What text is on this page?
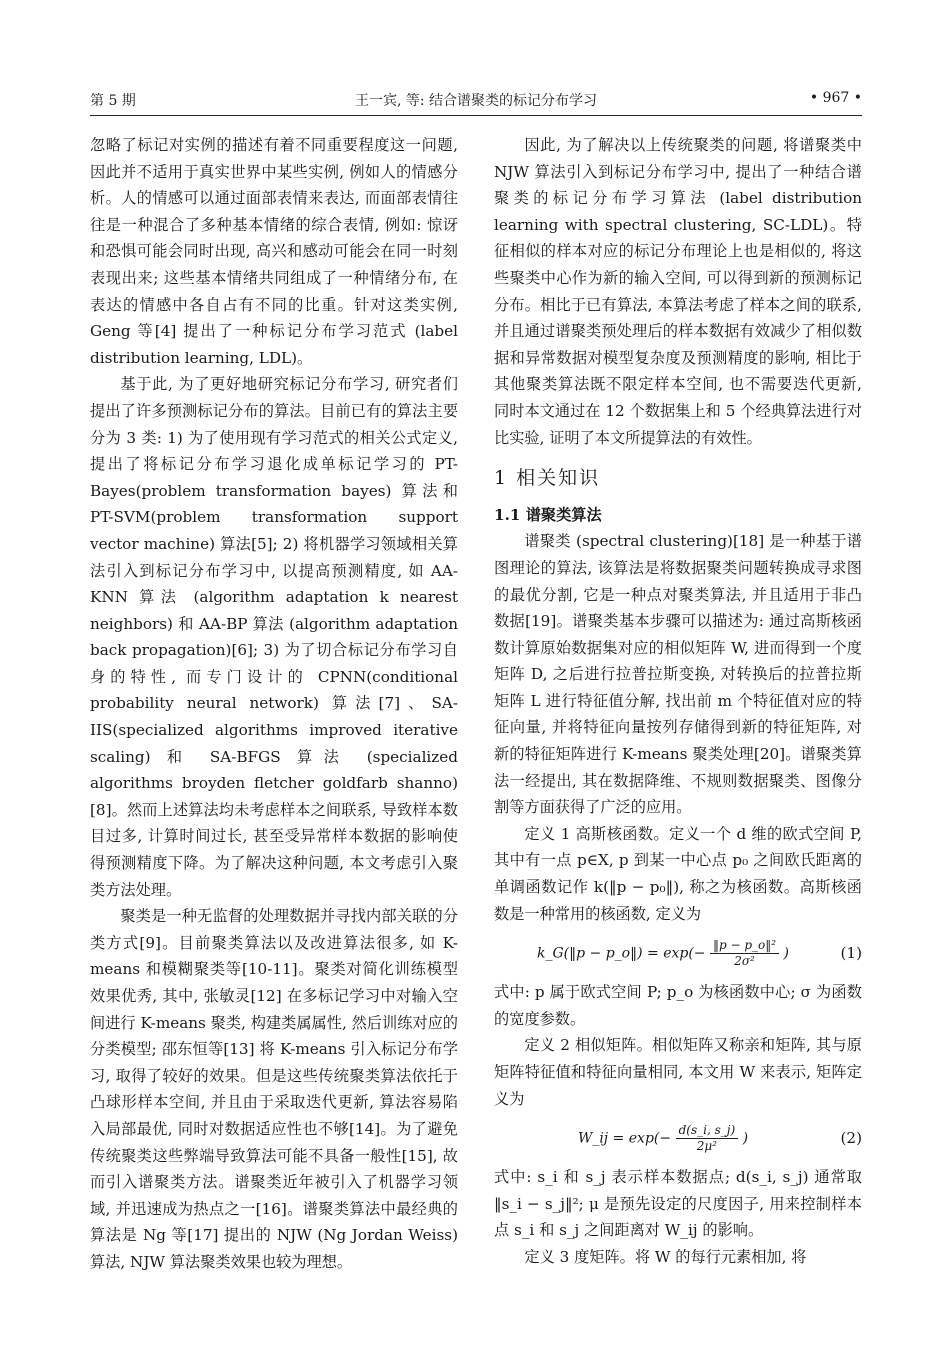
第 5 期	王一宾, 等: 结合谱聚类的标记分布学习	• 967 •

忽略了标记对实例的描述有着不同重要程度这一问题, 因此并不适用于真实世界中某些实例, 例如人的情感分析。人的情感可以通过面部表情来表达, 而面部表情往往是一种混合了多种基本情绪的综合表情, 例如: 惊讶和恐惧可能会同时出现, 高兴和感动可能会在同一时刻表现出来; 这些基本情绪共同组成了一种情绪分布, 在表达的情感中各自占有不同的比重。针对这类实例, Geng 等[4] 提出了一种标记分布学习范式 (label distribution learning, LDL)。

基于此, 为了更好地研究标记分布学习, 研究者们提出了许多预测标记分布的算法。目前已有的算法主要分为 3 类: 1) 为了使用现有学习范式的相关公式定义, 提出了将标记分布学习退化成单标记学习的 PT-Bayes(problem transformation bayes) 算法和 PT-SVM(problem transformation support vector machine) 算法[5]; 2) 将机器学习领域相关算法引入到标记分布学习中, 以提高预测精度, 如 AA-KNN 算法 (algorithm adaptation k nearest neighbors) 和 AA-BP 算法 (algorithm adaptation back propagation)[6]; 3) 为了切合标记分布学习自身的特性, 而专门设计的 CPNN(conditional probability neural network) 算法[7]、SA-IIS(specialized algorithms improved iterative scaling) 和 SA-BFGS 算法 (specialized algorithms broyden fletcher goldfarb shanno)[8]。然而上述算法均未考虑样本之间联系, 导致样本数目过多, 计算时间过长, 甚至受异常样本数据的影响使得预测精度下降。为了解决这种问题, 本文考虑引入聚类方法处理。

聚类是一种无监督的处理数据并寻找内部关联的分类方式[9]。目前聚类算法以及改进算法很多, 如 K-means 和模糊聚类等[10-11]。聚类对简化训练模型效果优秀, 其中, 张敏灵[12] 在多标记学习中对输入空间进行 K-means 聚类, 构建类属属性, 然后训练对应的分类模型; 邵东恒等[13] 将 K-means 引入标记分布学习, 取得了较好的效果。但是这些传统聚类算法依托于凸球形样本空间, 并且由于采取迭代更新, 算法容易陷入局部最优, 同时对数据适应性也不够[14]。为了避免传统聚类这些弊端导致算法可能不具备一般性[15], 故而引入谱聚类方法。谱聚类近年被引入了机器学习领域, 并迅速成为热点之一[16]。谱聚类算法中最经典的算法是 Ng 等[17] 提出的 NJW (Ng Jordan Weiss) 算法, NJW 算法聚类效果也较为理想。

因此, 为了解决以上传统聚类的问题, 将谱聚类中 NJW 算法引入到标记分布学习中, 提出了一种结合谱聚类的标记分布学习算法 (label distribution learning with spectral clustering, SC-LDL)。特征相似的样本对应的标记分布理论上也是相似的, 将这些聚类中心作为新的输入空间, 可以得到新的预测标记分布。相比于已有算法, 本算法考虑了样本之间的联系, 并且通过谱聚类预处理后的样本数据有效减少了相似数据和异常数据对模型复杂度及预测精度的影响, 相比于其他聚类算法既不限定样本空间, 也不需要迭代更新, 同时本文通过在 12 个数据集上和 5 个经典算法进行对比实验, 证明了本文所提算法的有效性。

1 相关知识
1.1 谱聚类算法

谱聚类 (spectral clustering)[18] 是一种基于谱图理论的算法, 该算法是将数据聚类问题转换成寻求图的最优分割, 它是一种点对聚类算法, 并且适用于非凸数据[19]。谱聚类基本步骤可以描述为: 通过高斯核函数计算原始数据集对应的相似矩阵 W, 进而得到一个度矩阵 D, 之后进行拉普拉斯变换, 对转换后的拉普拉斯矩阵 L 进行特征值分解, 找出前 m 个特征值对应的特征向量, 并将特征向量按列存储得到新的特征矩阵, 对新的特征矩阵进行 K-means 聚类处理[20]。谱聚类算法一经提出, 其在数据降维、不规则数据聚类、图像分割等方面获得了广泛的应用。

定义 1 高斯核函数。定义一个 d 维的欧式空间 P, 其中有一点 p∈X, p 到某一中心点 p₀ 之间欧氏距离的单调函数记作 k(‖p − p₀‖), 称之为核函数。高斯核函数是一种常用的核函数, 定义为

k_G(‖p − p_o‖) = $\exp(- \frac{\text{‖p − p\_o‖²}}{\text{2σ²}}$ )	(1)

式中: p 属于欧式空间 P; p_o 为核函数中心; σ 为函数的宽度参数。

定义 2 相似矩阵。相似矩阵又称亲和矩阵, 其与原矩阵特征值和特征向量相同, 本文用 W 来表示, 矩阵定义为

W_ij = $\exp(- \frac{d(s\_i, s\_j)}{\text{2μ²}}$ )	(2)

式中: s_i 和 s_j 表示样本数据点; d(s_i, s_j) 通常取 ‖s_i − s_j‖²; μ 是预先设定的尺度因子, 用来控制样本点 s_i 和 s_j 之间距离对 W_ij 的影响。

定义 3 度矩阵。将 W 的每行元素相加, 将
